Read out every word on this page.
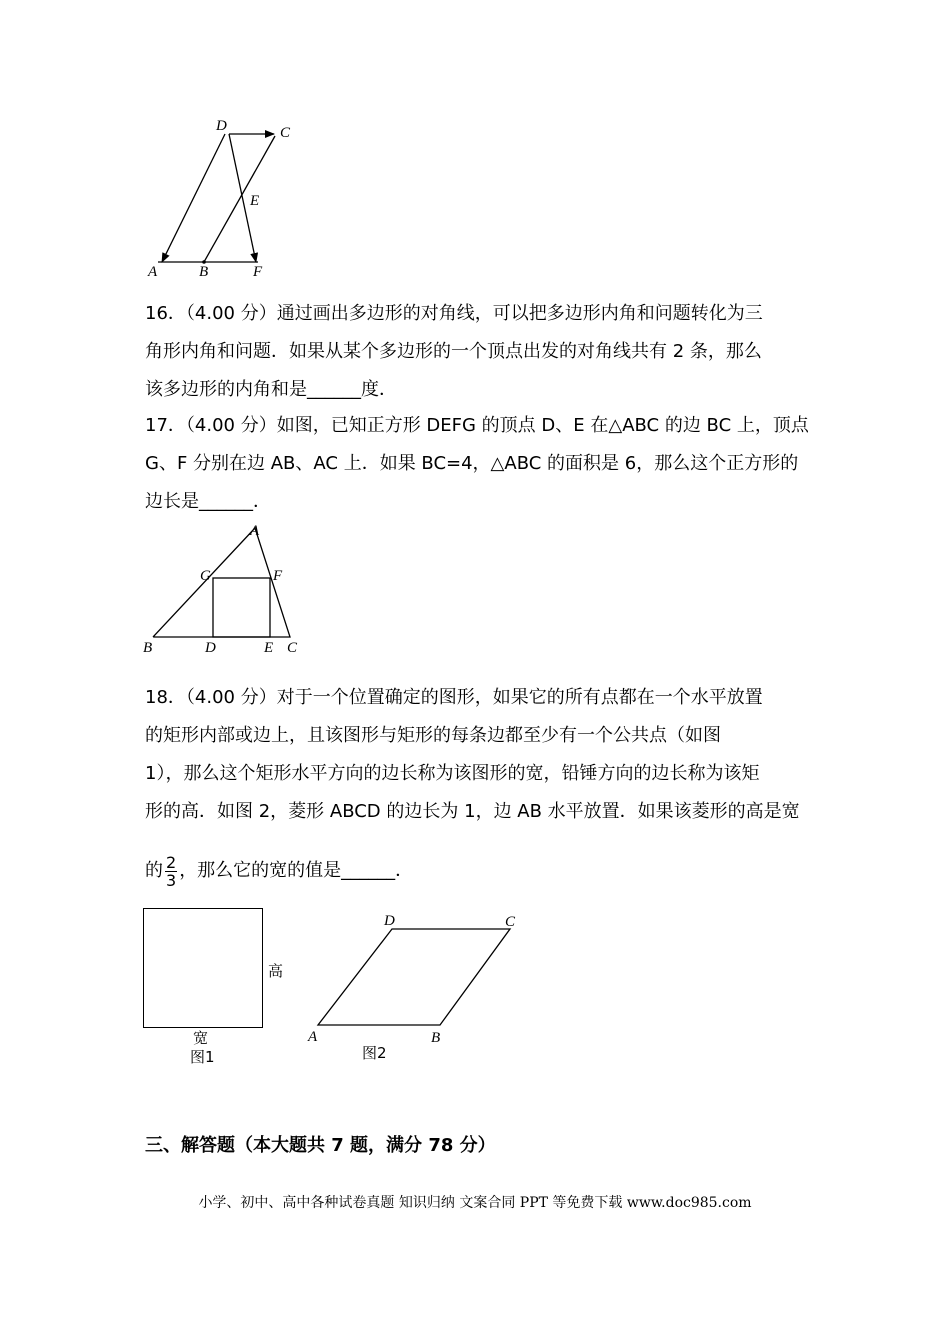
D	C
E
A	B	F
16．（4.00 分）通过画出多边形的对角线，可以把多边形内角和问题转化为三
角形内角和问题．如果从某个多边形的一个顶点出发的对角线共有 2 条，那么
该多边形的内角和是______度．
17．（4.00 分）如图，已知正方形 DEFG 的顶点 D、E 在△ABC 的边 BC 上，顶点
G、F 分别在边 AB、AC 上．如果 BC=4，△ABC 的面积是 6，那么这个正方形的
边长是______．
A
G	F
B	D	E C
18．（4.00 分）对于一个位置确定的图形，如果它的所有点都在一个水平放置
的矩形内部或边上，且该图形与矩形的每条边都至少有一个公共点（如图
1），那么这个矩形水平方向的边长称为该图形的宽，铅锤方向的边长称为该矩
形的高．如图 2，菱形 ABCD 的边长为 1，边 AB 水平放置．如果该菱形的高是宽
的 $\frac{2}{3}$ ，那么它的宽的值是______．
高
宽
图1
D	C
A	B
图2
三、解答题（本大题共 7 题，满分 78 分）
小学、初中、高中各种试卷真题 知识归纳 文案合同 PPT 等免费下载 www.doc985.com
